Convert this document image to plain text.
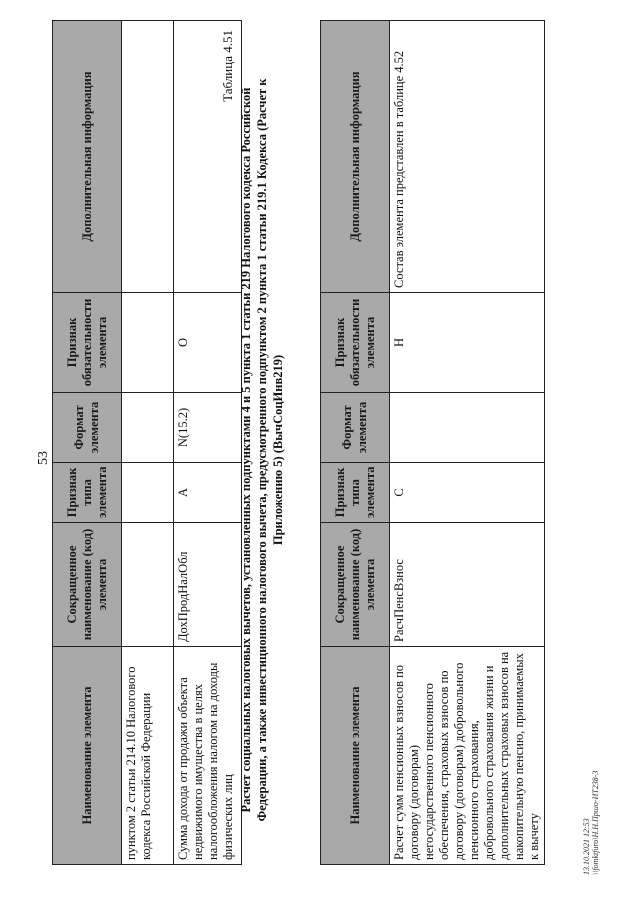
53

Наименование элемента	Сокращенное наименование (код) элемента	Признак типа элемента	Формат элемента	Признак обязательности элемента	Дополнительная информация
пунктом 2 статьи 214.10 Налогового кодекса Российской Федерации					
Сумма дохода от продажи объекта недвижимого имущества в целях налогообложения налогом на доходы физических лиц	ДохПродНалОбл	А	N(15.2)	О	

Таблица 4.51

Расчет социальных налоговых вычетов, установленных подпунктами 4 и 5 пункта 1 статьи 219 Налогового кодекса Российской Федерации, а также инвестиционного налогового вычета, предусмотренного подпунктом 2 пункта 1 статьи 219.1 Кодекса (Расчет к Приложению 5) (ВычСоцИнв219)

Наименование элемента	Сокращенное наименование (код) элемента	Признак типа элемента	Формат элемента	Признак обязательности элемента	Дополнительная информация
Расчет сумм пенсионных взносов по договору (договорам) негосударственного пенсионного обеспечения, страховых взносов по договору (договорам) добровольного пенсионного страхования, добровольного страхования жизни и дополнительных страховых взносов на накопительную пенсию, принимаемых к вычету	РасчПенсВзнос	С		Н	Состав элемента представлен в таблице 4.52
13.10.2021 12:53 \\fomktfuro\H.H.Пршо-ИТ238-3
